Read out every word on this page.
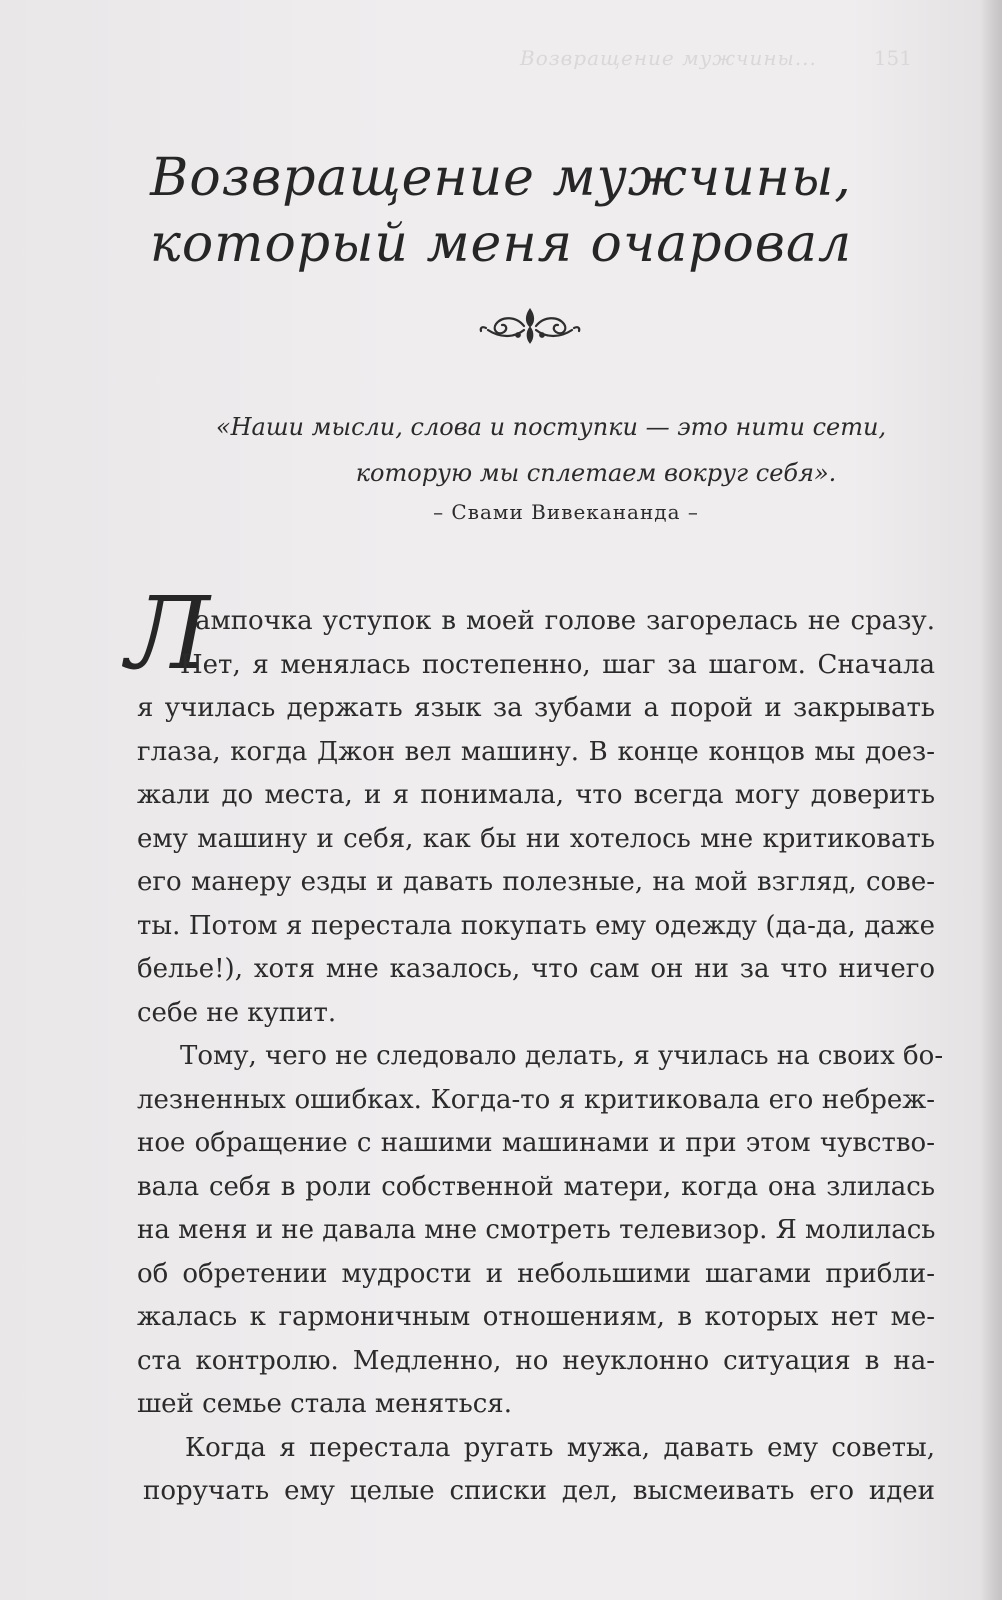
Возвращение мужчины...	151
Возвращение мужчины,
который меня очаровал
«Наши мысли, слова и поступки — это нити сети,
которую мы сплетаем вокруг себя».
– Свами Вивекананда –
Л
ампочка уступок в моей голове загорелась не сразу.
Нет, я менялась постепенно, шаг за шагом. Сначала
я училась держать язык за зубами а порой и закрывать
глаза, когда Джон вел машину. В конце концов мы доез-
жали до места, и я понимала, что всегда могу доверить
ему машину и себя, как бы ни хотелось мне критиковать
его манеру езды и давать полезные, на мой взгляд, сове-
ты. Потом я перестала покупать ему одежду (да-да, даже
белье!), хотя мне казалось, что сам он ни за что ничего
себе не купит.
Тому, чего не следовало делать, я училась на своих бо-
лезненных ошибках. Когда-то я критиковала его небреж-
ное обращение с нашими машинами и при этом чувство-
вала себя в роли собственной матери, когда она злилась
на меня и не давала мне смотреть телевизор. Я молилась
об обретении мудрости и небольшими шагами прибли-
жалась к гармоничным отношениям, в которых нет ме-
ста контролю. Медленно, но неуклонно ситуация в на-
шей семье стала меняться.
Когда я перестала ругать мужа, давать ему советы,
поручать ему целые списки дел, высмеивать его идеи
